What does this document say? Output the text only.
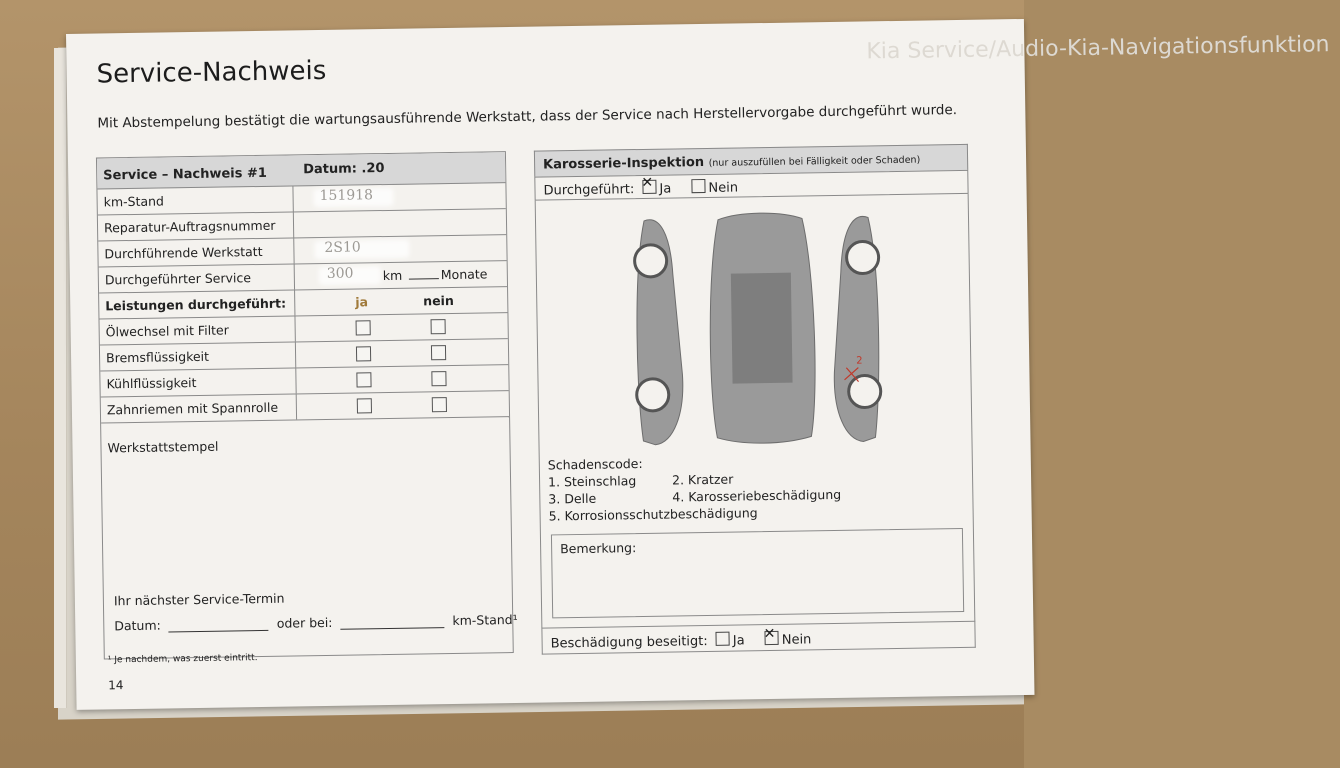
Kia Service/Audio-Kia-Navigationsfunktion
Service-Nachweis
Mit Abstempelung bestätigt die wartungsausführende Werkstatt, dass der Service nach Herstellervorgabe durchgeführt wurde.
Service – Nachweis #1	Datum: .20
km-Stand	151918
Reparatur-Auftragsnummer
Durchführende Werkstatt	2S10
Durchgeführter Service	300 km	Monate
Leistungen durchgeführt:	ja	nein
Ölwechsel mit Filter
Bremsflüssigkeit
Kühlflüssigkeit
Zahnriemen mit Spannrolle
Werkstattstempel
Ihr nächster Service-Termin
Datum:	oder bei:	km-Stand¹
¹ Je nachdem, was zuerst eintritt.
14
Karosserie-Inspektion (nur auszufüllen bei Fälligkeit oder Schaden)
Durchgeführt: ✕ Ja	Nein
2
Schadenscode:
1. Steinschlag	2. Kratzer
3. Delle	4. Karosseriebeschädigung
5. Korrosionsschutzbeschädigung
Bemerkung:
Beschädigung beseitigt: Ja ✕	Nein
